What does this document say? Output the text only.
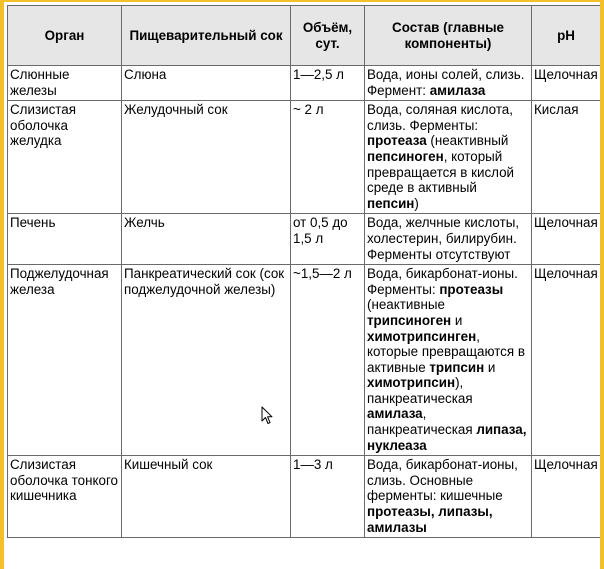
Орган	Пищеварительный сок	Объём, сут.	Состав (главные компоненты)	pH
Слюнные железы	Слюна	1—2,5 л	Вода, ионы солей, слизь. Фермент: амилаза	Щелочная
Слизистая оболочка желудка	Желудочный сок	~ 2 л	Вода, соляная кислота, слизь. Ферменты: протеаза (неактивный пепсиноген, который превращается в кислой среде в активный пепсин)	Кислая
Печень	Желчь	от 0,5 до 1,5 л	Вода, желчные кислоты, холестерин, билирубин. Ферменты отсутствуют	Щелочная
Поджелудочная железа	Панкреатический сок (сок поджелудочной железы)	~1,5—2 л	Вода, бикарбонат-ионы. Ферменты: протеазы (неактивные трипсиноген и химотрипсинген, которые превращаются в активные трипсин и химотрипсин), панкреатическая амилаза, панкреатическая липаза, нуклеаза	Щелочная
Слизистая оболочка тонкого кишечника	Кишечный сок	1—3 л	Вода, бикарбонат-ионы, слизь. Основные ферменты: кишечные протеазы, липазы, амилазы	Щелочная
